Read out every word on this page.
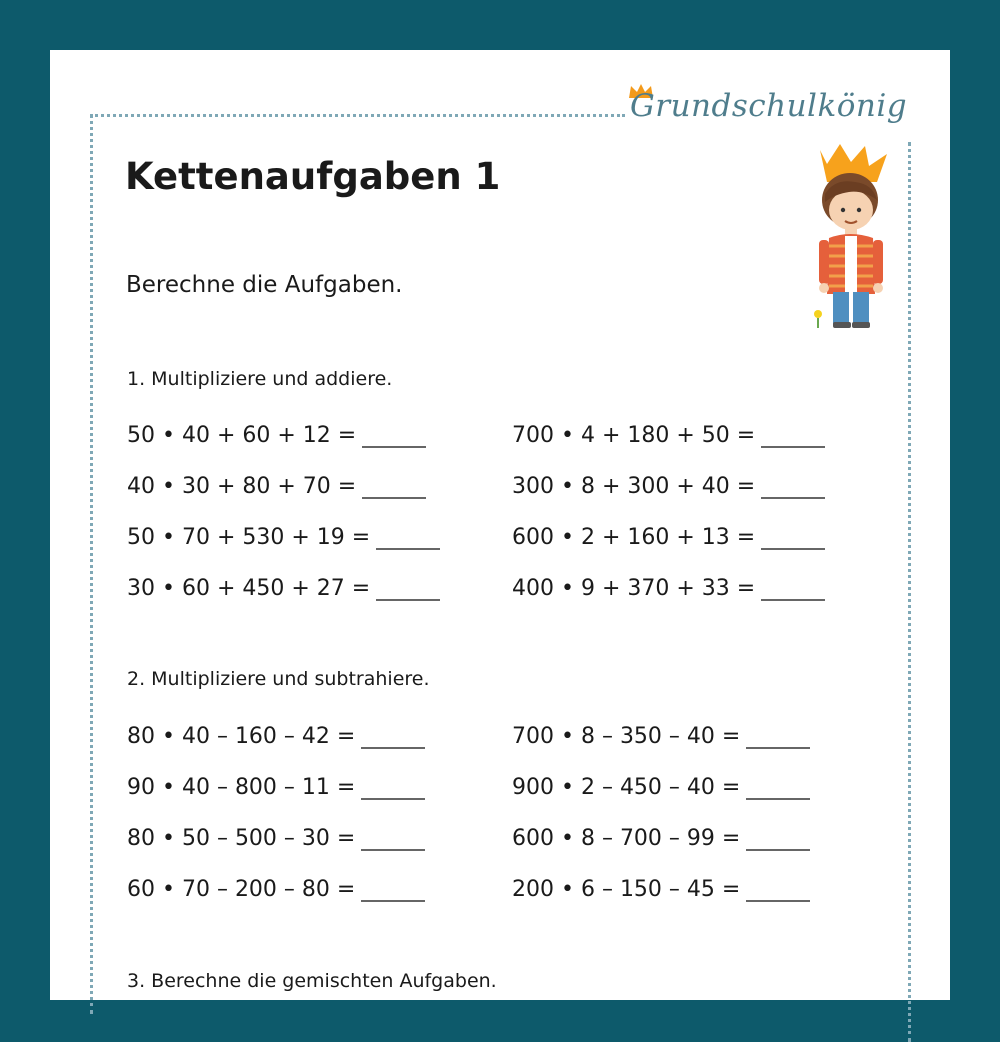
Grundschulkönig
Kettenaufgaben 1
Berechne die Aufgaben.
1. Multipliziere und addiere.
50 • 40 + 60 + 12 =
40 • 30 + 80 + 70 =
50 • 70 + 530 + 19 =
30 • 60 + 450 + 27 =
700 • 4 + 180 + 50 =
300 • 8 + 300 + 40 =
600 • 2 + 160 + 13 =
400 • 9 + 370 + 33 =
2. Multipliziere und subtrahiere.
80 • 40 – 160 – 42 =
90 • 40 – 800 – 11 =
80 • 50 – 500 – 30 =
60 • 70 – 200 – 80 =
700 • 8 – 350 – 40 =
900 • 2 – 450 – 40 =
600 • 8 – 700 – 99 =
200 • 6 – 150 – 45 =
3. Berechne die gemischten Aufgaben.
